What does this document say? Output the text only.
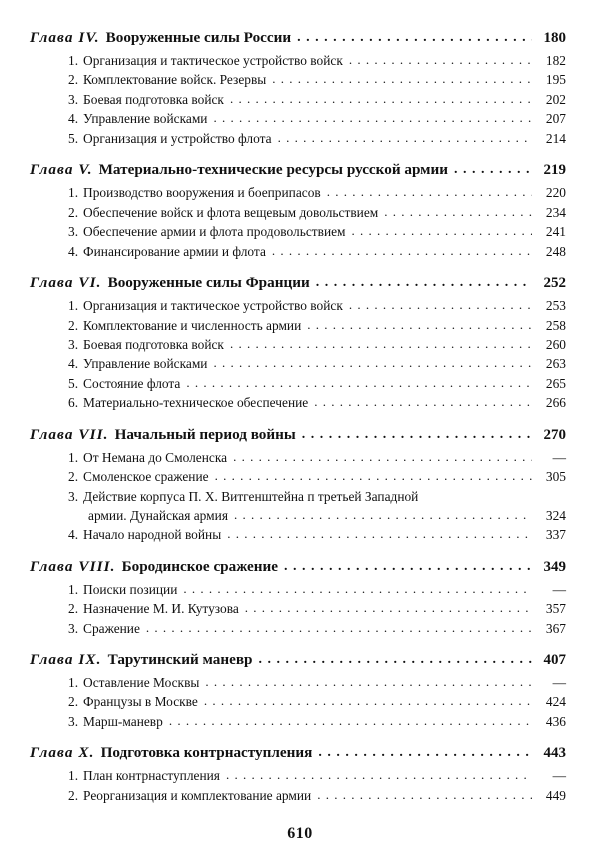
Глава IV. Вооруженные силы России . . .	180
1. Организация и тактическое устройство войск . . .	182
2. Комплектование войск. Резервы . . .	195
3. Боевая подготовка войск . . .	202
4. Управление войсками . . .	207
5. Организация и устройство флота . . .	214
Глава V. Материально-технические ресурсы русской армии . . .	219
1. Производство вооружения и боеприпасов . . .	220
2. Обеспечение войск и флота вещевым довольствием . . .	234
3. Обеспечение армии и флота продовольствием . . .	241
4. Финансирование армии и флота . . .	248
Глава VI. Вооруженные силы Франции . . .	252
1. Организация и тактическое устройство войск . . .	253
2. Комплектование и численность армии . . .	258
3. Боевая подготовка войск . . .	260
4. Управление войсками . . .	263
5. Состояние флота . . .	265
6. Материально-техническое обеспечение . . .	266
Глава VII. Начальный период войны . . .	270
1. От Немана до Смоленска . . .	—
2. Смоленское сражение . . .	305
3. Действие корпуса П. X. Витгенштейна п третьей Западной
армии. Дунайская армия . . .	324
4. Начало народной войны . . .	337
Глава VIII. Бородинское сражение . . .	349
1. Поиски позиции . . .	—
2. Назначение М. И. Кутузова . . .	357
3. Сражение . . .	367
Глава IX. Тарутинский маневр . . .	407
1. Оставление Москвы . . .	—
2. Французы в Москве . . .	424
3. Марш-маневр . . .	436
Глава X. Подготовка контрнаступления . . .	443
1. План контрнаступления . . .	—
2. Реорганизация и комплектование армии . . .	449
610
